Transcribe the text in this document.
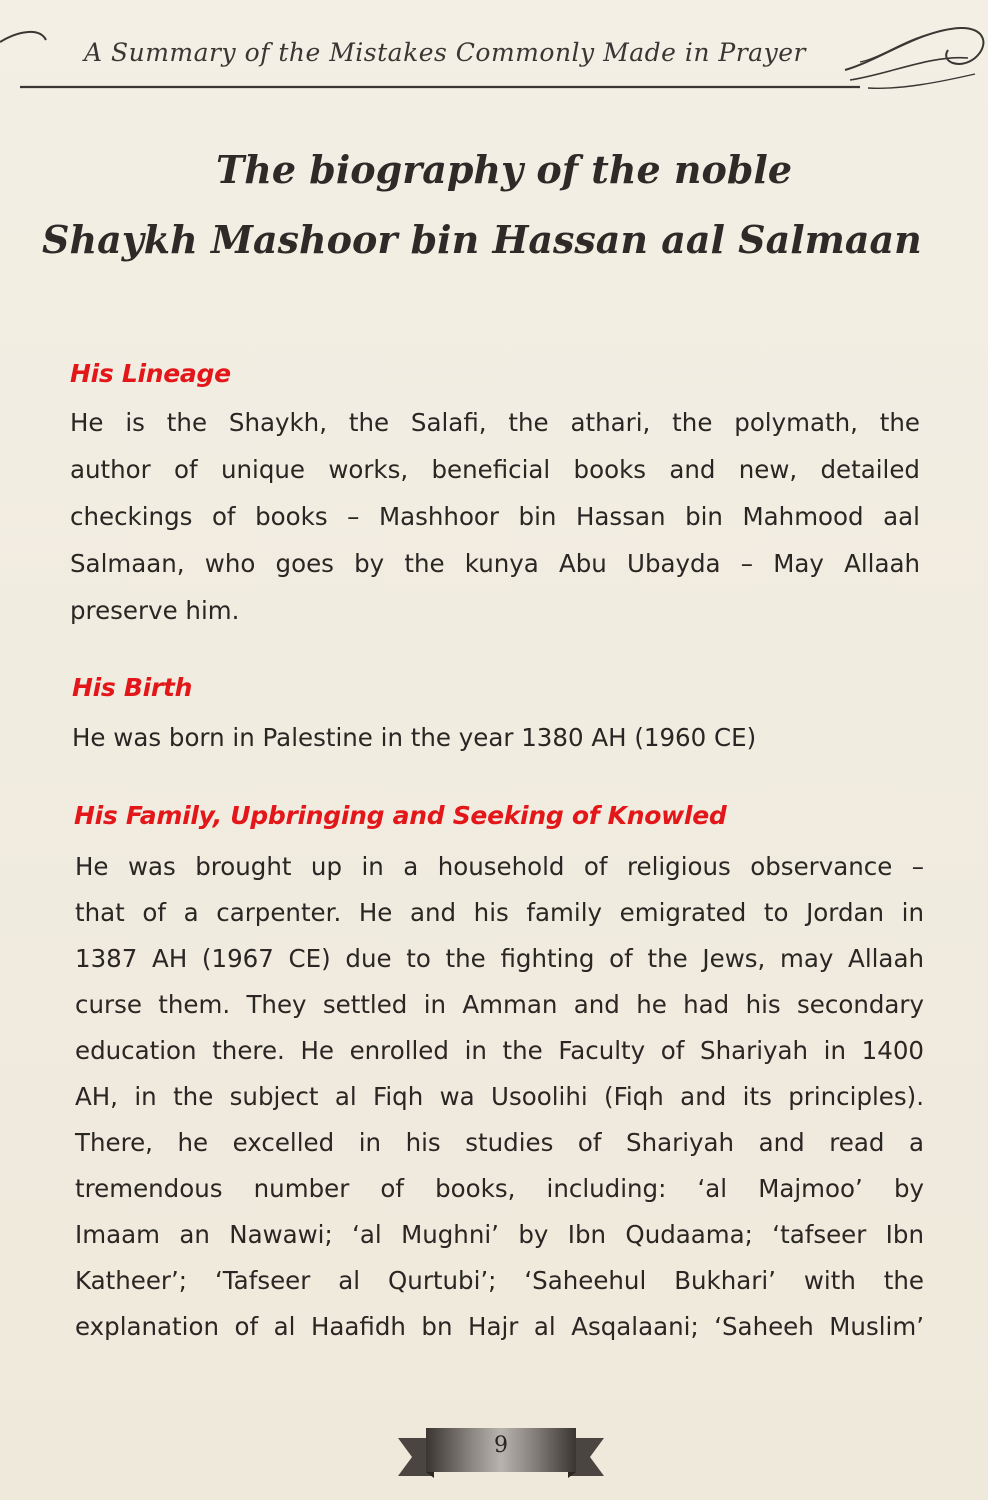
A Summary of the Mistakes Commonly Made in Prayer
The biography of the noble
Shaykh Mashoor bin Hassan aal Salmaan
His Lineage
He is the Shaykh, the Salafi, the athari, the polymath, the
author of unique works, beneficial books and new, detailed
checkings of books – Mashhoor bin Hassan bin Mahmood aal
Salmaan, who goes by the kunya Abu Ubayda – May Allaah
preserve him.
His Birth
He was born in Palestine in the year 1380 AH (1960 CE)
His Family, Upbringing and Seeking of Knowled
He was brought up in a household of religious observance –
that of a carpenter. He and his family emigrated to Jordan in
1387 AH (1967 CE) due to the fighting of the Jews, may Allaah
curse them. They settled in Amman and he had his secondary
education there. He enrolled in the Faculty of Shariyah in 1400
AH, in the subject al Fiqh wa Usoolihi (Fiqh and its principles).
There, he excelled in his studies of Shariyah and read a
tremendous number of books, including: ‘al Majmoo’ by
Imaam an Nawawi; ‘al Mughni’ by Ibn Qudaama; ‘tafseer Ibn
Katheer’; ‘Tafseer al Qurtubi’; ‘Saheehul Bukhari’ with the
explanation of al Haafidh bn Hajr al Asqalaani; ‘Saheeh Muslim’
9
